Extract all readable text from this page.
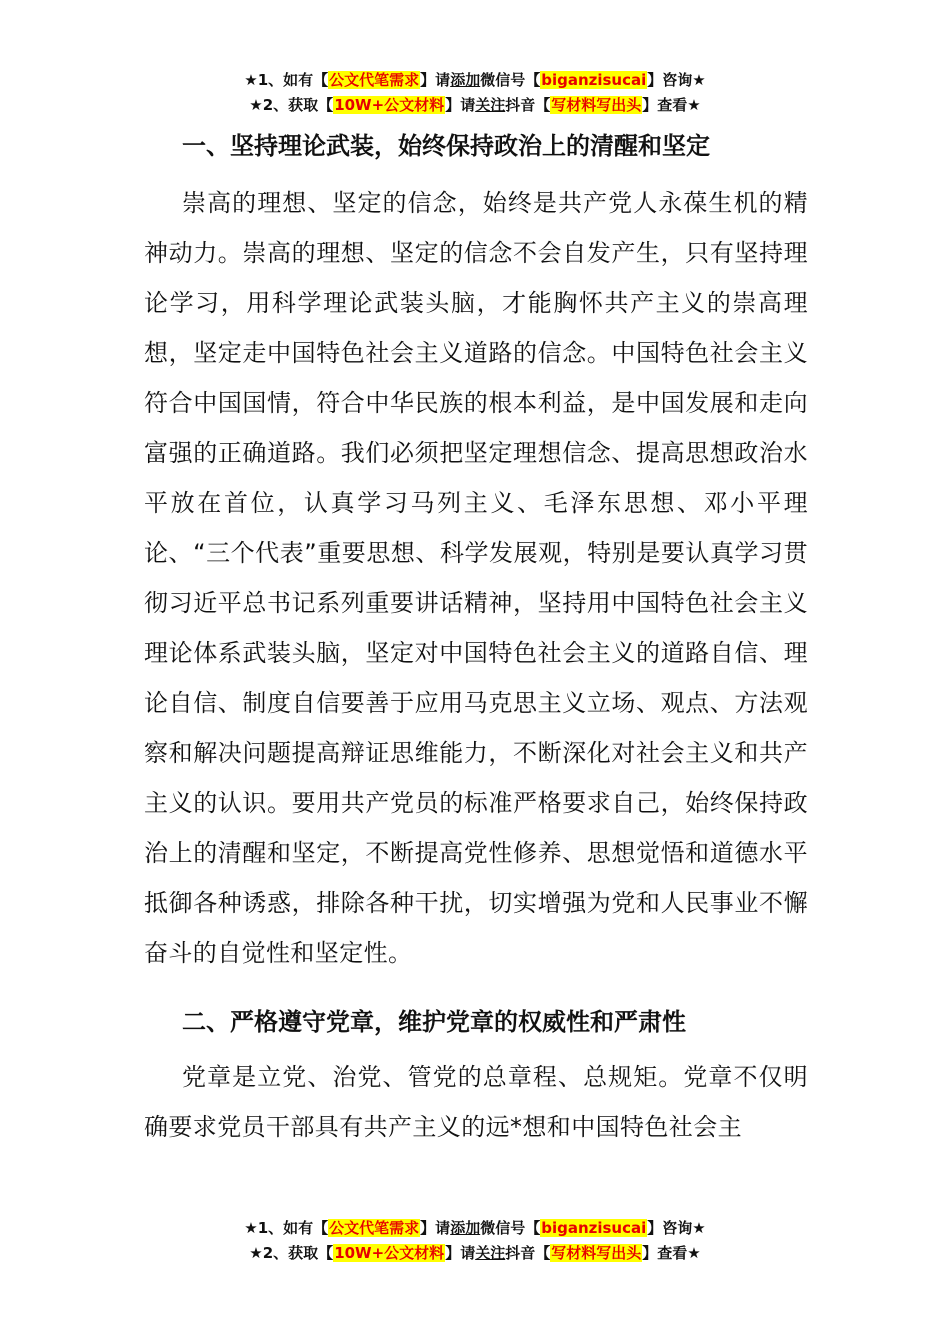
★1、如有【公文代笔需求】请添加微信号【biganzisucai】咨询★
★2、获取【10W+公文材料】请关注抖音【写材料写出头】查看★

一、坚持理论武装，始终保持政治上的清醒和坚定

崇高的理想、坚定的信念，始终是共产党人永葆生机的精神动力。崇高的理想、坚定的信念不会自发产生，只有坚持理论学习，用科学理论武装头脑，才能胸怀共产主义的崇高理想，坚定走中国特色社会主义道路的信念。中国特色社会主义符合中国国情，符合中华民族的根本利益，是中国发展和走向富强的正确道路。我们必须把坚定理想信念、提高思想政治水平放在首位，认真学习马列主义、毛泽东思想、邓小平理论、“三个代表”重要思想、科学发展观，特别是要认真学习贯彻习近平总书记系列重要讲话精神，坚持用中国特色社会主义理论体系武装头脑，坚定对中国特色社会主义的道路自信、理论自信、制度自信要善于应用马克思主义立场、观点、方法观察和解决问题提高辩证思维能力，不断深化对社会主义和共产主义的认识。要用共产党员的标准严格要求自己，始终保持政治上的清醒和坚定，不断提高党性修养、思想觉悟和道德水平抵御各种诱惑，排除各种干扰，切实增强为党和人民事业不懈奋斗的自觉性和坚定性。

二、严格遵守党章，维护党章的权威性和严肃性

党章是立党、治党、管党的总章程、总规矩。党章不仅明确要求党员干部具有共产主义的远*想和中国特色社会主

★1、如有【公文代笔需求】请添加微信号【biganzisucai】咨询★
★2、获取【10W+公文材料】请关注抖音【写材料写出头】查看★
